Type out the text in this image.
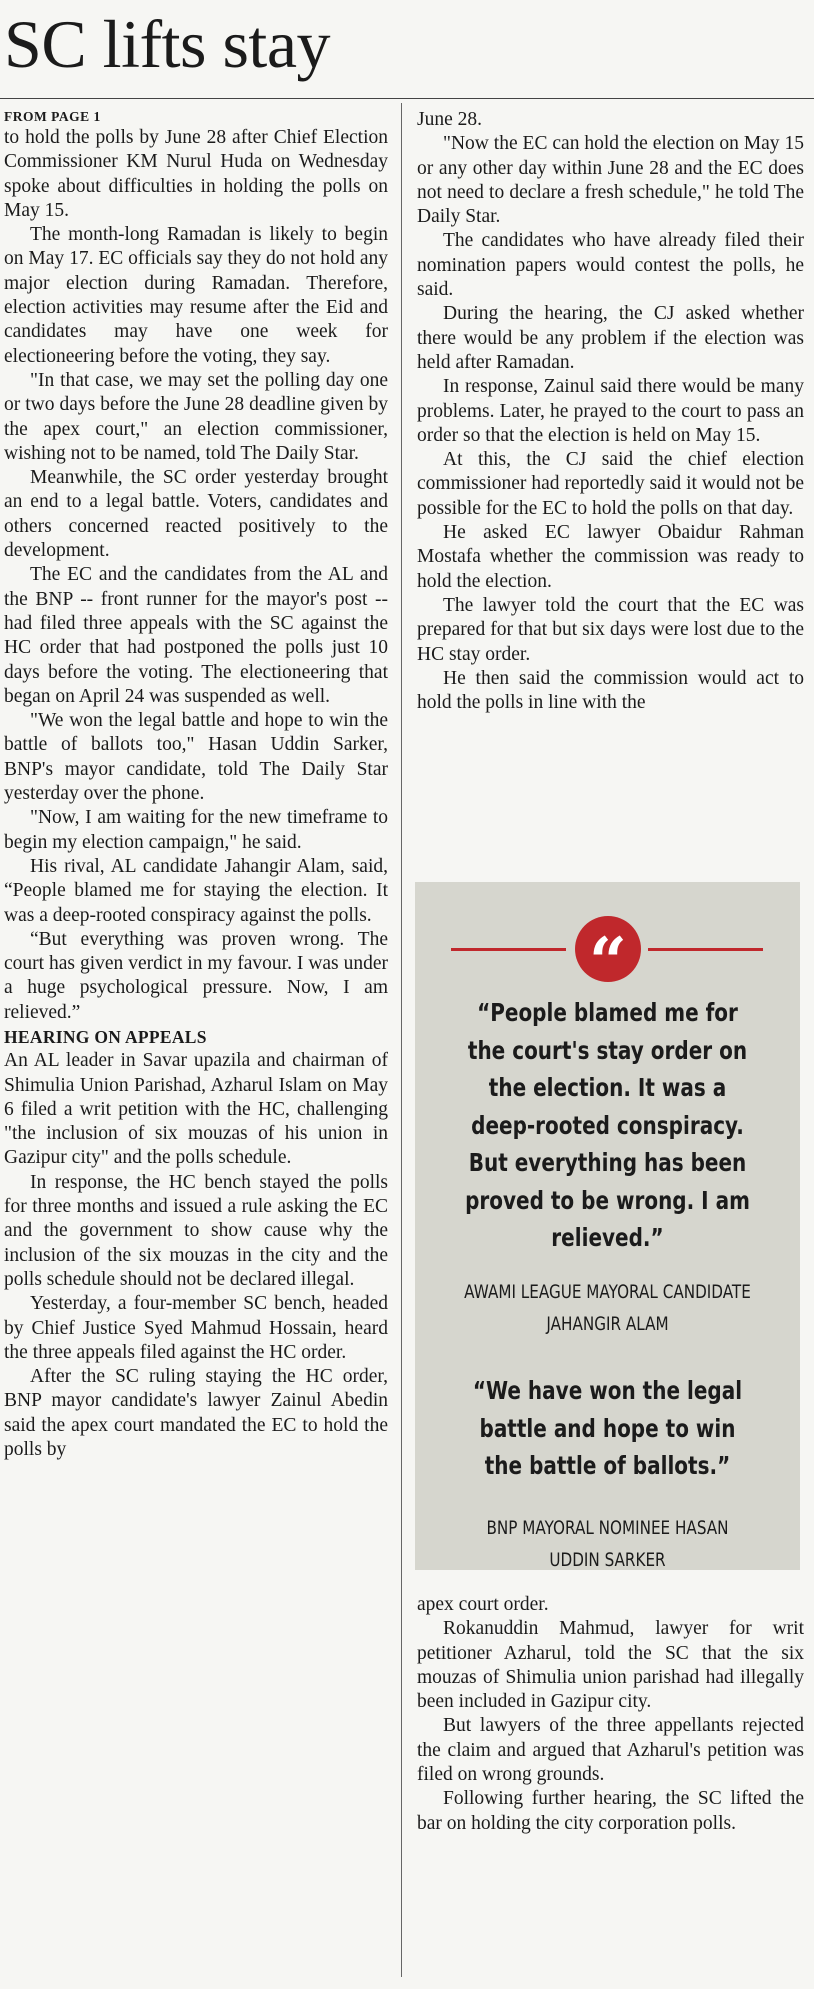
SC lifts stay

FROM PAGE 1

to hold the polls by June 28 after Chief Election Commissioner KM Nurul Huda on Wednesday spoke about difficulties in holding the polls on May 15.

The month-long Ramadan is likely to begin on May 17. EC officials say they do not hold any major election during Ramadan. Therefore, election activities may resume after the Eid and candidates may have one week for electioneering before the voting, they say.

"In that case, we may set the polling day one or two days before the June 28 deadline given by the apex court," an election commissioner, wishing not to be named, told The Daily Star.

Meanwhile, the SC order yesterday brought an end to a legal battle. Voters, candidates and others concerned reacted positively to the development.

The EC and the candidates from the AL and the BNP -- front runner for the mayor's post -- had filed three appeals with the SC against the HC order that had postponed the polls just 10 days before the voting. The electioneering that began on April 24 was suspended as well.

"We won the legal battle and hope to win the battle of ballots too," Hasan Uddin Sarker, BNP's mayor candidate, told The Daily Star yesterday over the phone.

"Now, I am waiting for the new timeframe to begin my election campaign," he said.

His rival, AL candidate Jahangir Alam, said, “People blamed me for staying the election. It was a deep-rooted conspiracy against the polls.

“But everything was proven wrong. The court has given verdict in my favour. I was under a huge psychological pressure. Now, I am relieved.”

HEARING ON APPEALS

An AL leader in Savar upazila and chairman of Shimulia Union Parishad, Azharul Islam on May 6 filed a writ petition with the HC, challenging "the inclusion of six mouzas of his union in Gazipur city" and the polls schedule.

In response, the HC bench stayed the polls for three months and issued a rule asking the EC and the government to show cause why the inclusion of the six mouzas in the city and the polls schedule should not be declared illegal.

Yesterday, a four-member SC bench, headed by Chief Justice Syed Mahmud Hossain, heard the three appeals filed against the HC order.

After the SC ruling staying the HC order, BNP mayor candidate's lawyer Zainul Abedin said the apex court mandated the EC to hold the polls by

June 28.

"Now the EC can hold the election on May 15 or any other day within June 28 and the EC does not need to declare a fresh schedule," he told The Daily Star.

The candidates who have already filed their nomination papers would contest the polls, he said.

During the hearing, the CJ asked whether there would be any problem if the election was held after Ramadan.

In response, Zainul said there would be many problems. Later, he prayed to the court to pass an order so that the election is held on May 15.

At this, the CJ said the chief election commissioner had reportedly said it would not be possible for the EC to hold the polls on that day.

He asked EC lawyer Obaidur Rahman Mostafa whether the commission was ready to hold the election.

The lawyer told the court that the EC was prepared for that but six days were lost due to the HC stay order.

He then said the commission would act to hold the polls in line with the

“

“People blamed me for the court's stay order on the election. It was a deep-rooted conspiracy. But everything has been proved to be wrong. I am relieved.”

AWAMI LEAGUE MAYORAL CANDIDATE JAHANGIR ALAM

“We have won the legal battle and hope to win the battle of ballots.”

BNP MAYORAL NOMINEE HASAN UDDIN SARKER

apex court order.

Rokanuddin Mahmud, lawyer for writ petitioner Azharul, told the SC that the six mouzas of Shimulia union parishad had illegally been included in Gazipur city.

But lawyers of the three appellants rejected the claim and argued that Azharul's petition was filed on wrong grounds.

Following further hearing, the SC lifted the bar on holding the city corporation polls.
